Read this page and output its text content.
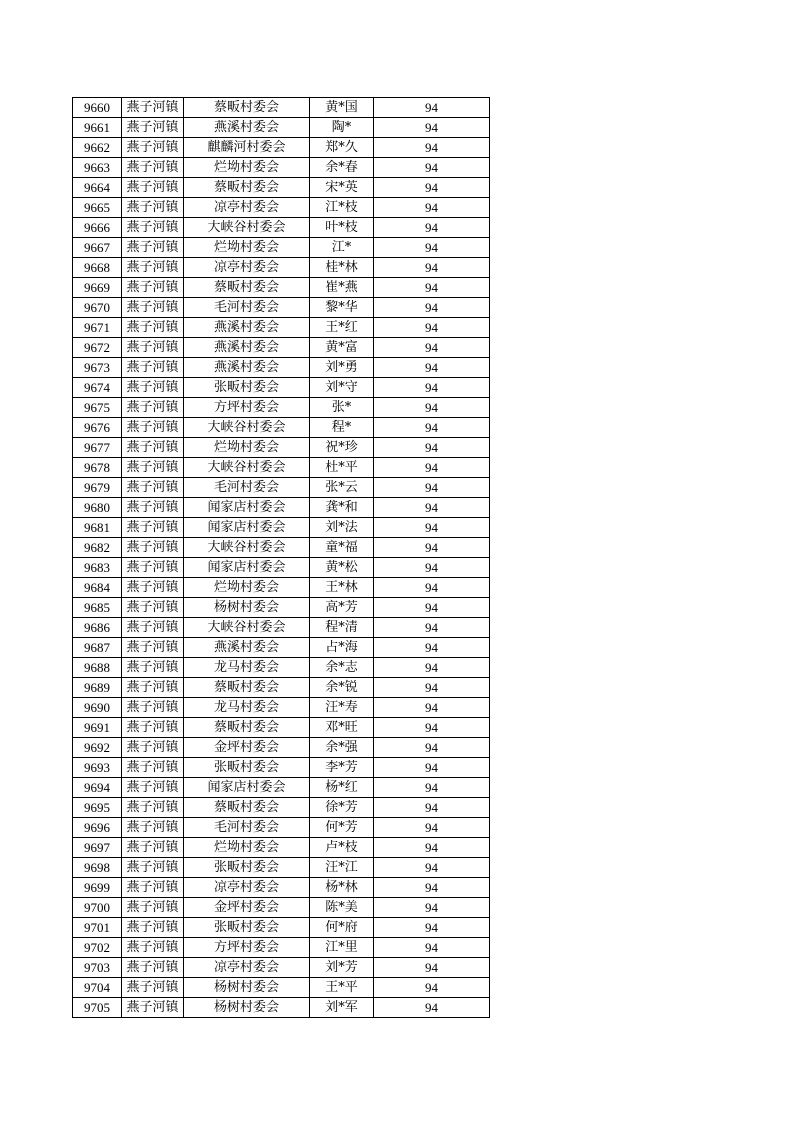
9660	燕子河镇	蔡畈村委会	黄*国	94
9661	燕子河镇	燕溪村委会	陶*	94
9662	燕子河镇	麒麟河村委会	郑*久	94
9663	燕子河镇	烂坳村委会	余*春	94
9664	燕子河镇	蔡畈村委会	宋*英	94
9665	燕子河镇	凉亭村委会	江*枝	94
9666	燕子河镇	大峡谷村委会	叶*枝	94
9667	燕子河镇	烂坳村委会	江*	94
9668	燕子河镇	凉亭村委会	桂*林	94
9669	燕子河镇	蔡畈村委会	崔*燕	94
9670	燕子河镇	毛河村委会	黎*华	94
9671	燕子河镇	燕溪村委会	王*红	94
9672	燕子河镇	燕溪村委会	黄*富	94
9673	燕子河镇	燕溪村委会	刘*勇	94
9674	燕子河镇	张畈村委会	刘*守	94
9675	燕子河镇	方坪村委会	张*	94
9676	燕子河镇	大峡谷村委会	程*	94
9677	燕子河镇	烂坳村委会	祝*珍	94
9678	燕子河镇	大峡谷村委会	杜*平	94
9679	燕子河镇	毛河村委会	张*云	94
9680	燕子河镇	闻家店村委会	龚*和	94
9681	燕子河镇	闻家店村委会	刘*法	94
9682	燕子河镇	大峡谷村委会	童*福	94
9683	燕子河镇	闻家店村委会	黄*松	94
9684	燕子河镇	烂坳村委会	王*林	94
9685	燕子河镇	杨树村委会	高*芳	94
9686	燕子河镇	大峡谷村委会	程*清	94
9687	燕子河镇	燕溪村委会	占*海	94
9688	燕子河镇	龙马村委会	余*志	94
9689	燕子河镇	蔡畈村委会	余*锐	94
9690	燕子河镇	龙马村委会	汪*寿	94
9691	燕子河镇	蔡畈村委会	邓*旺	94
9692	燕子河镇	金坪村委会	余*强	94
9693	燕子河镇	张畈村委会	李*芳	94
9694	燕子河镇	闻家店村委会	杨*红	94
9695	燕子河镇	蔡畈村委会	徐*芳	94
9696	燕子河镇	毛河村委会	何*芳	94
9697	燕子河镇	烂坳村委会	卢*枝	94
9698	燕子河镇	张畈村委会	汪*江	94
9699	燕子河镇	凉亭村委会	杨*林	94
9700	燕子河镇	金坪村委会	陈*美	94
9701	燕子河镇	张畈村委会	何*府	94
9702	燕子河镇	方坪村委会	江*里	94
9703	燕子河镇	凉亭村委会	刘*芳	94
9704	燕子河镇	杨树村委会	王*平	94
9705	燕子河镇	杨树村委会	刘*军	94
